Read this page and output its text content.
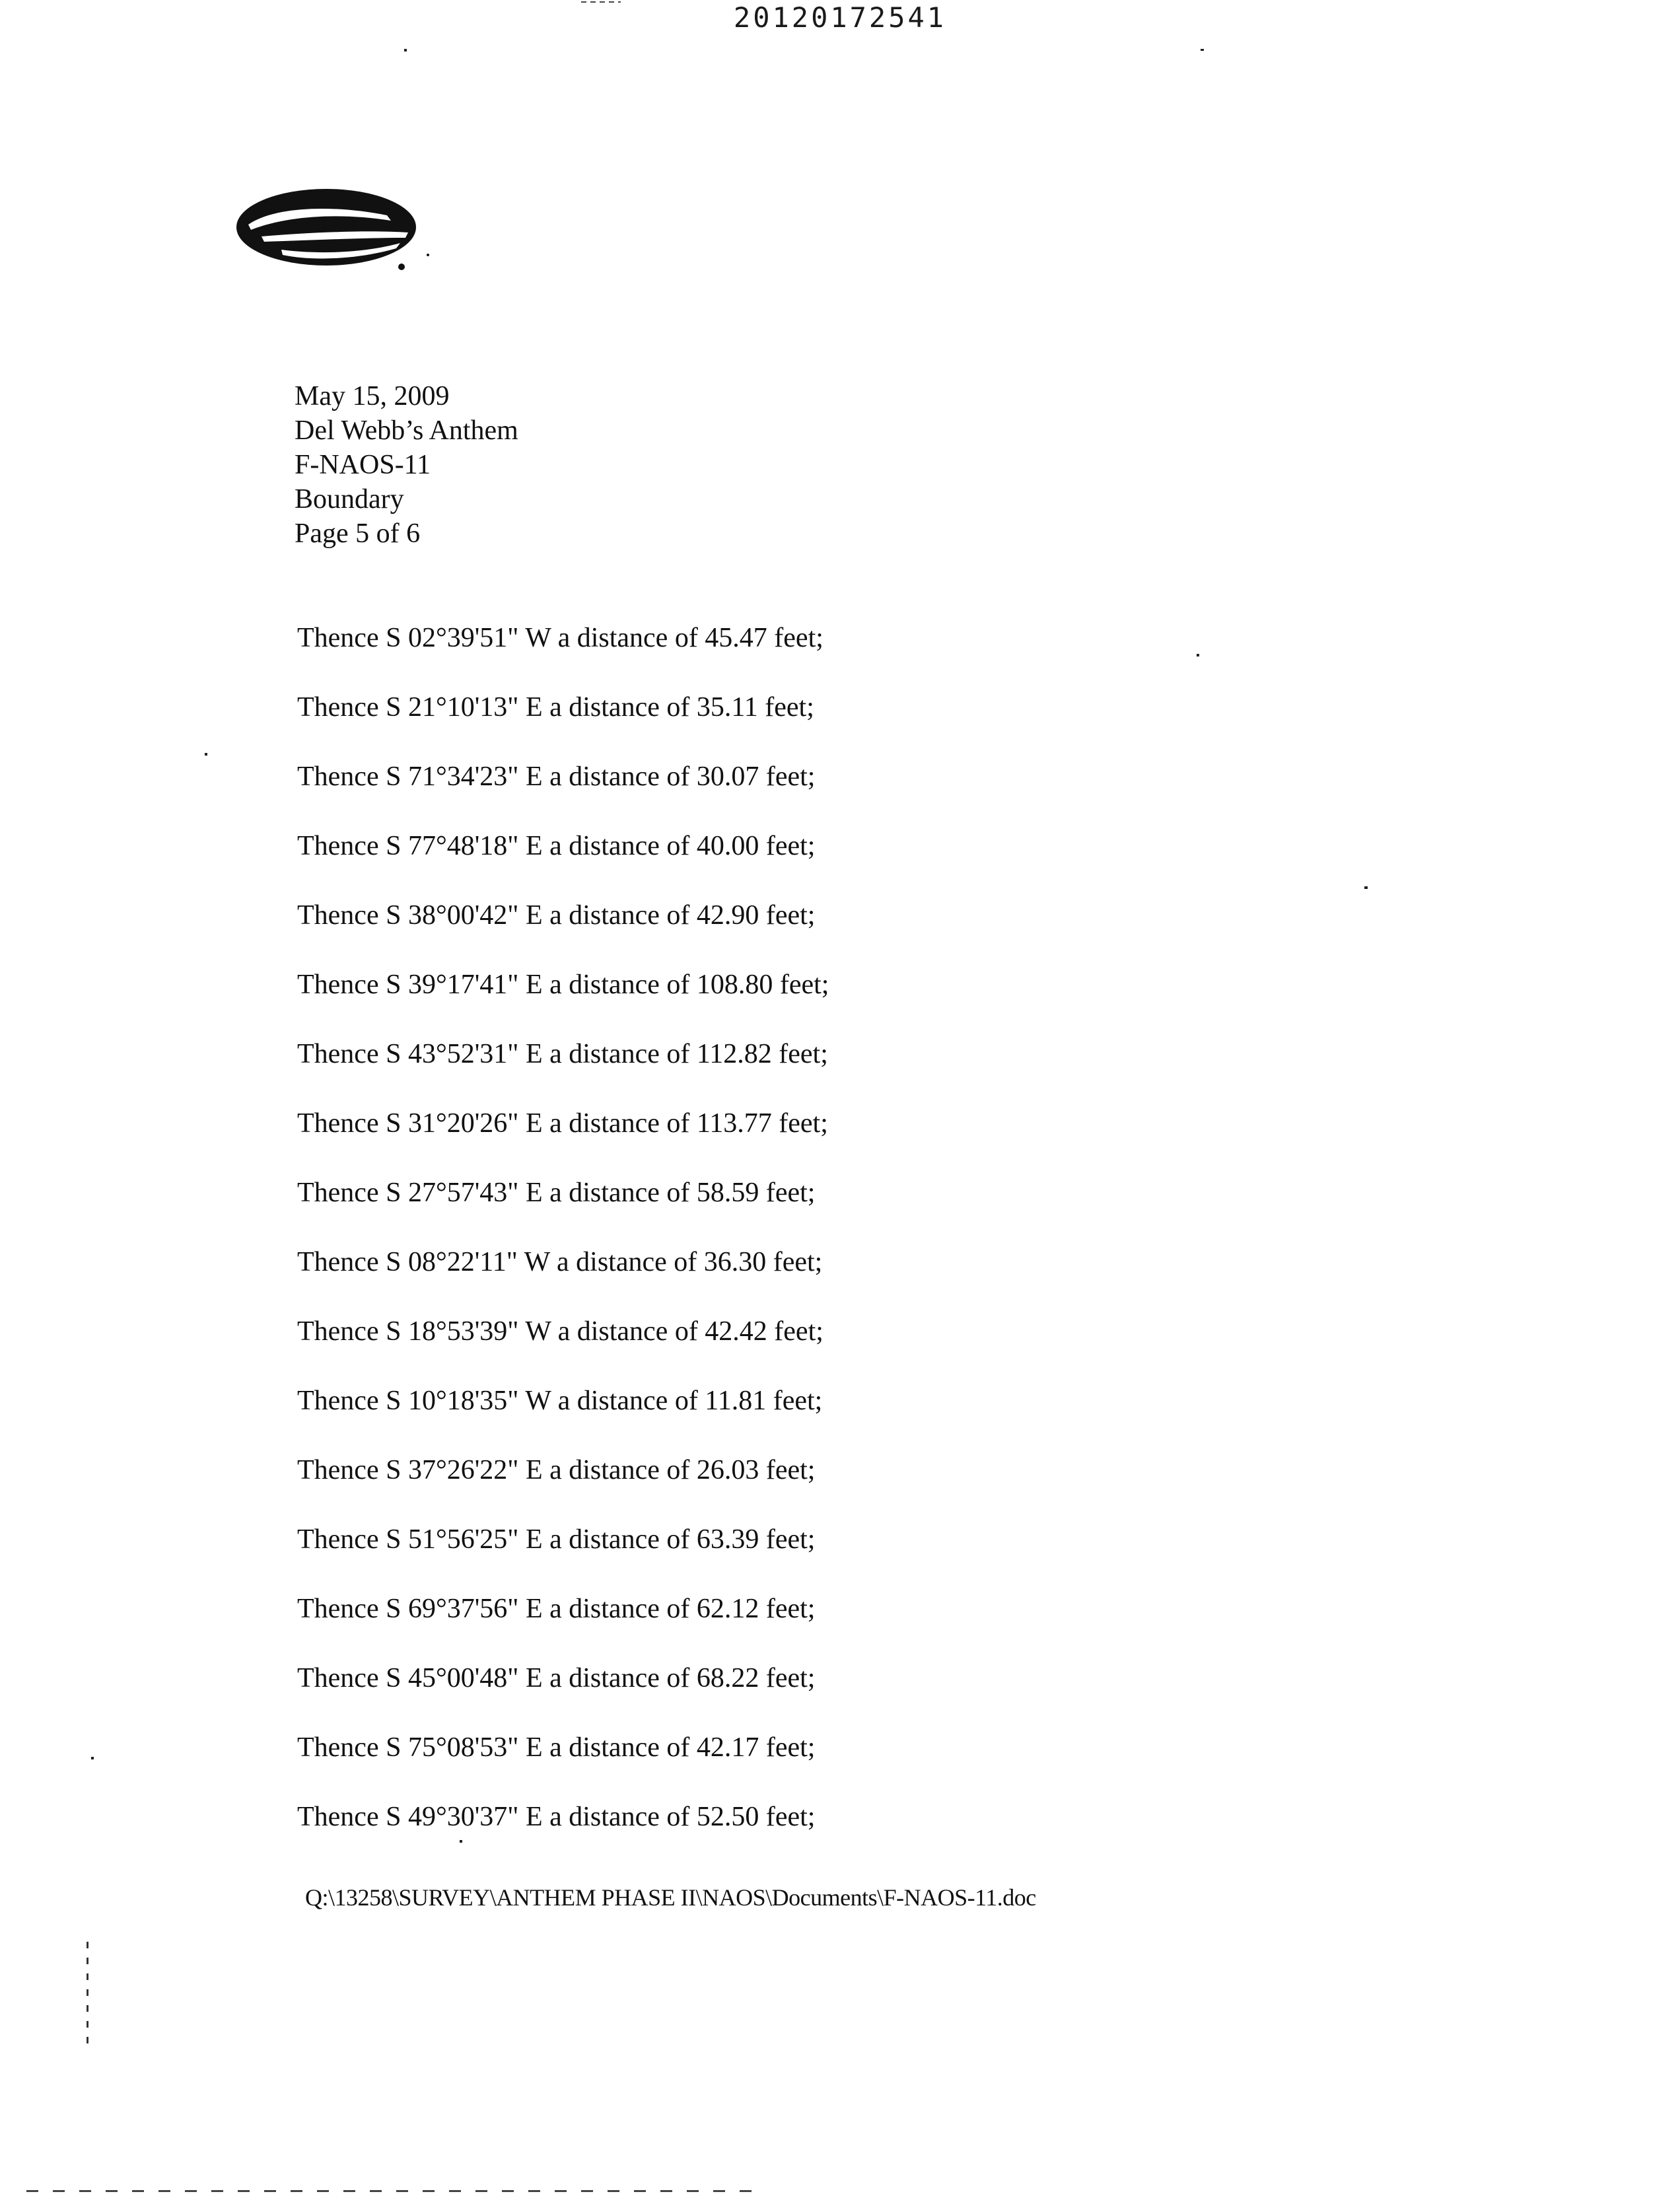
20120172541
May 15, 2009
Del Webb’s Anthem
F-NAOS-11
Boundary
Page 5 of 6
Thence S 02°39'51" W a distance of 45.47 feet;
Thence S 21°10'13" E a distance of 35.11 feet;
Thence S 71°34'23" E a distance of 30.07 feet;
Thence S 77°48'18" E a distance of 40.00 feet;
Thence S 38°00'42" E a distance of 42.90 feet;
Thence S 39°17'41" E a distance of 108.80 feet;
Thence S 43°52'31" E a distance of 112.82 feet;
Thence S 31°20'26" E a distance of 113.77 feet;
Thence S 27°57'43" E a distance of 58.59 feet;
Thence S 08°22'11" W a distance of 36.30 feet;
Thence S 18°53'39" W a distance of 42.42 feet;
Thence S 10°18'35" W a distance of 11.81 feet;
Thence S 37°26'22" E a distance of 26.03 feet;
Thence S 51°56'25" E a distance of 63.39 feet;
Thence S 69°37'56" E a distance of 62.12 feet;
Thence S 45°00'48" E a distance of 68.22 feet;
Thence S 75°08'53" E a distance of 42.17 feet;
Thence S 49°30'37" E a distance of 52.50 feet;
Q:\13258\SURVEY\ANTHEM PHASE II\NAOS\Documents\F-NAOS-11.doc
